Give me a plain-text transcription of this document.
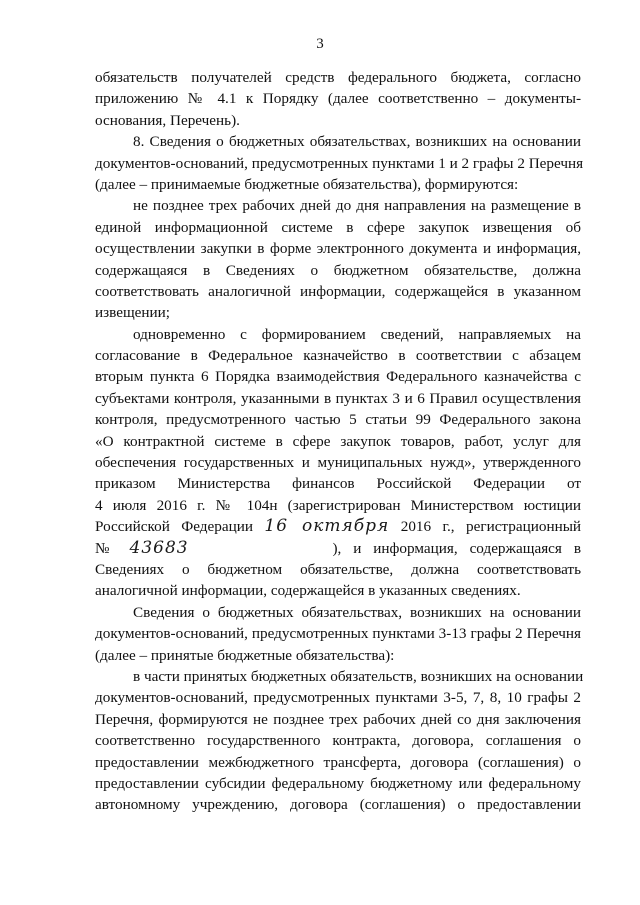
3
обязательств получателей средств федерального бюджета, согласно
приложению № 4.1 к Порядку (далее соответственно – документы-
основания, Перечень).
8. Сведения о бюджетных обязательствах, возникших на основании
документов-оснований, предусмотренных пунктами 1 и 2 графы 2 Перечня
(далее – принимаемые бюджетные обязательства), формируются:
не позднее трех рабочих дней до дня направления на размещение в
единой информационной системе в сфере закупок извещения об
осуществлении закупки в форме электронного документа и информация,
содержащаяся в Сведениях о бюджетном обязательстве, должна
соответствовать аналогичной информации, содержащейся в указанном
извещении;
одновременно с формированием сведений, направляемых на
согласование в Федеральное казначейство в соответствии с абзацем
вторым пункта 6 Порядка взаимодействия Федерального казначейства с
субъектами контроля, указанными в пунктах 3 и 6 Правил осуществления
контроля, предусмотренного частью 5 статьи 99 Федерального закона
«О контрактной системе в сфере закупок товаров, работ, услуг для
обеспечения государственных и муниципальных нужд», утвержденного
приказом Министерства финансов Российской Федерации от
4 июля 2016 г. № 104н (зарегистрирован Министерством юстиции
Российской Федерации 16 октября 2016 г., регистрационный
№ 43683	), и информация, содержащаяся в
Сведениях о бюджетном обязательстве, должна соответствовать
аналогичной информации, содержащейся в указанных сведениях.
Сведения о бюджетных обязательствах, возникших на основании
документов-оснований, предусмотренных пунктами 3-13 графы 2 Перечня
(далее – принятые бюджетные обязательства):
в части принятых бюджетных обязательств, возникших на основании
документов-оснований, предусмотренных пунктами 3-5, 7, 8, 10 графы 2
Перечня, формируются не позднее трех рабочих дней со дня заключения
соответственно государственного контракта, договора, соглашения о
предоставлении межбюджетного трансферта, договора (соглашения) о
предоставлении субсидии федеральному бюджетному или федеральному
автономному учреждению, договора (соглашения) о предоставлении
